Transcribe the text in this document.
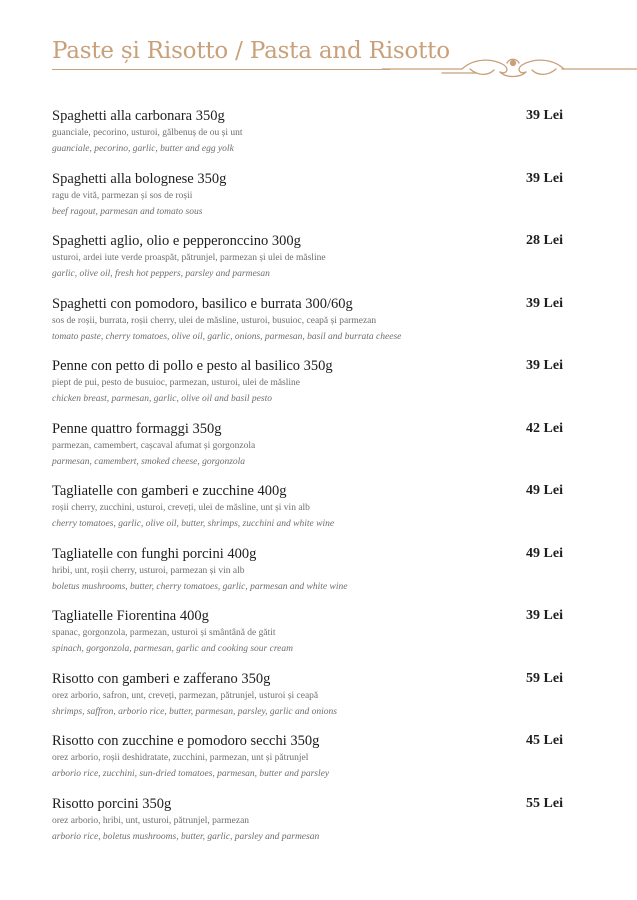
Paste și Risotto / Pasta and Risotto
Spaghetti alla carbonara 350g
guanciale, pecorino, usturoi, gălbenuș de ou și unt
guanciale, pecorino, garlic, butter and egg yolk
39 Lei
Spaghetti alla bolognese 350g
ragu de vită, parmezan și sos de roșii
beef ragout, parmesan and tomato sous
39 Lei
Spaghetti aglio, olio e pepperonccino 300g
usturoi, ardei iute verde proaspăt, pătrunjel, parmezan și ulei de măsline
garlic, olive oil, fresh hot peppers, parsley and parmesan
28 Lei
Spaghetti con pomodoro, basilico e burrata 300/60g
sos de roșii, burrata, roșii cherry, ulei de măsline, usturoi, busuioc, ceapă și parmezan
tomato paste, cherry tomatoes, olive oil, garlic, onions, parmesan, basil and burrata cheese
39 Lei
Penne con petto di pollo e pesto al basilico 350g
piept de pui, pesto de busuioc, parmezan, usturoi, ulei de măsline
chicken breast, parmesan, garlic, olive oil and basil pesto
39 Lei
Penne quattro formaggi 350g
parmezan, camembert, cașcaval afumat și gorgonzola
parmesan, camembert, smoked cheese, gorgonzola
42 Lei
Tagliatelle con gamberi e zucchine 400g
roșii cherry, zucchini, usturoi, creveți, ulei de măsline, unt și vin alb
cherry tomatoes, garlic, olive oil, butter, shrimps, zucchini and white wine
49 Lei
Tagliatelle con funghi porcini 400g
hribi, unt, roșii cherry, usturoi, parmezan și vin alb
boletus mushrooms, butter, cherry tomatoes, garlic, parmesan and white wine
49 Lei
Tagliatelle Fiorentina 400g
spanac, gorgonzola, parmezan, usturoi și smântână de gătit
spinach, gorgonzola, parmesan, garlic and cooking sour cream
39 Lei
Risotto con gamberi e zafferano 350g
orez arborio, safron, unt, creveți, parmezan, pătrunjel, usturoi și ceapă
shrimps, saffron, arborio rice, butter, parmesan, parsley, garlic and onions
59 Lei
Risotto con zucchine e pomodoro secchi 350g
orez arborio, roșii deshidratate, zucchini, parmezan, unt și pătrunjel
arborio rice, zucchini, sun-dried tomatoes, parmesan, butter and parsley
45 Lei
Risotto porcini 350g
orez arborio, hribi, unt, usturoi, pătrunjel, parmezan
arborio rice, boletus mushrooms, butter, garlic, parsley and parmesan
55 Lei
